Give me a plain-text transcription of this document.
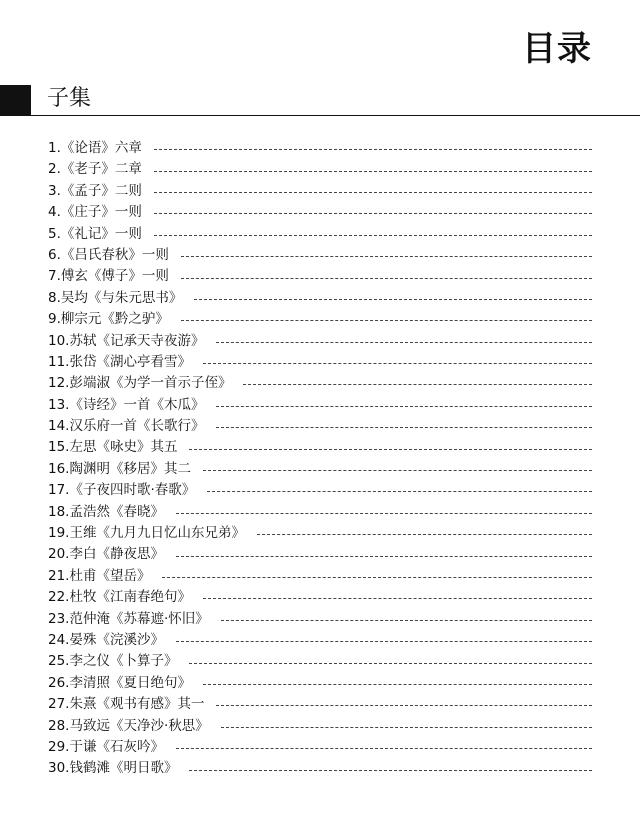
目录
子集
1.《论语》六章
2.《老子》二章
3.《孟子》二则
4.《庄子》一则
5.《礼记》一则
6.《吕氏春秋》一则
7.傅玄《傅子》一则
8.吴均《与朱元思书》
9.柳宗元《黔之驴》
10.苏轼《记承天寺夜游》
11.张岱《湖心亭看雪》
12.彭端淑《为学一首示子侄》
13.《诗经》一首《木瓜》
14.汉乐府一首《长歌行》
15.左思《咏史》其五
16.陶渊明《移居》其二
17.《子夜四时歌·春歌》
18.孟浩然《春晓》
19.王维《九月九日忆山东兄弟》
20.李白《静夜思》
21.杜甫《望岳》
22.杜牧《江南春绝句》
23.范仲淹《苏幕遮·怀旧》
24.晏殊《浣溪沙》
25.李之仪《卜算子》
26.李清照《夏日绝句》
27.朱熹《观书有感》其一
28.马致远《天净沙·秋思》
29.于谦《石灰吟》
30.钱鹤滩《明日歌》
